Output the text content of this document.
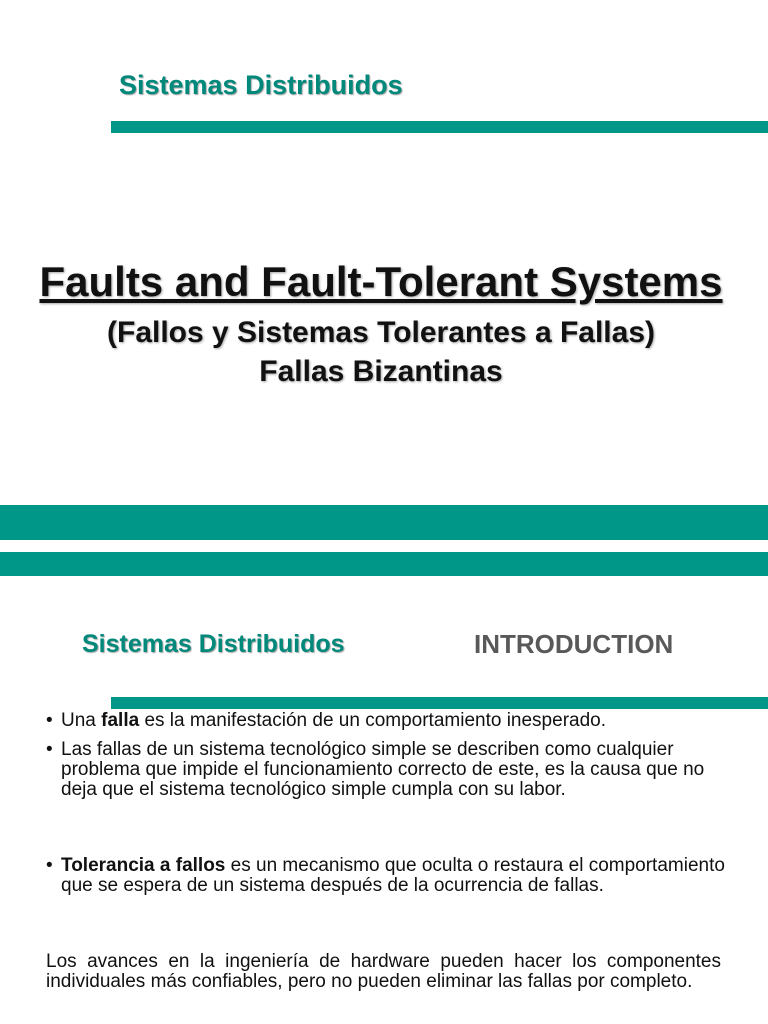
Sistemas Distribuidos
Faults and Fault-Tolerant Systems
(Fallos y Sistemas Tolerantes a Fallas)
Fallas Bizantinas
Sistemas Distribuidos	INTRODUCTION
• Una falla es la manifestación de un comportamiento inesperado.
• Las fallas de un sistema tecnológico simple se describen como cualquier problema que impide el funcionamiento correcto de este, es la causa que no deja que el sistema tecnológico simple cumpla con su labor.
• Tolerancia a fallos es un mecanismo que oculta o restaura el comportamiento que se espera de un sistema después de la ocurrencia de fallas.
Los avances en la ingeniería de hardware pueden hacer los componentes individuales más confiables, pero no pueden eliminar las fallas por completo.
